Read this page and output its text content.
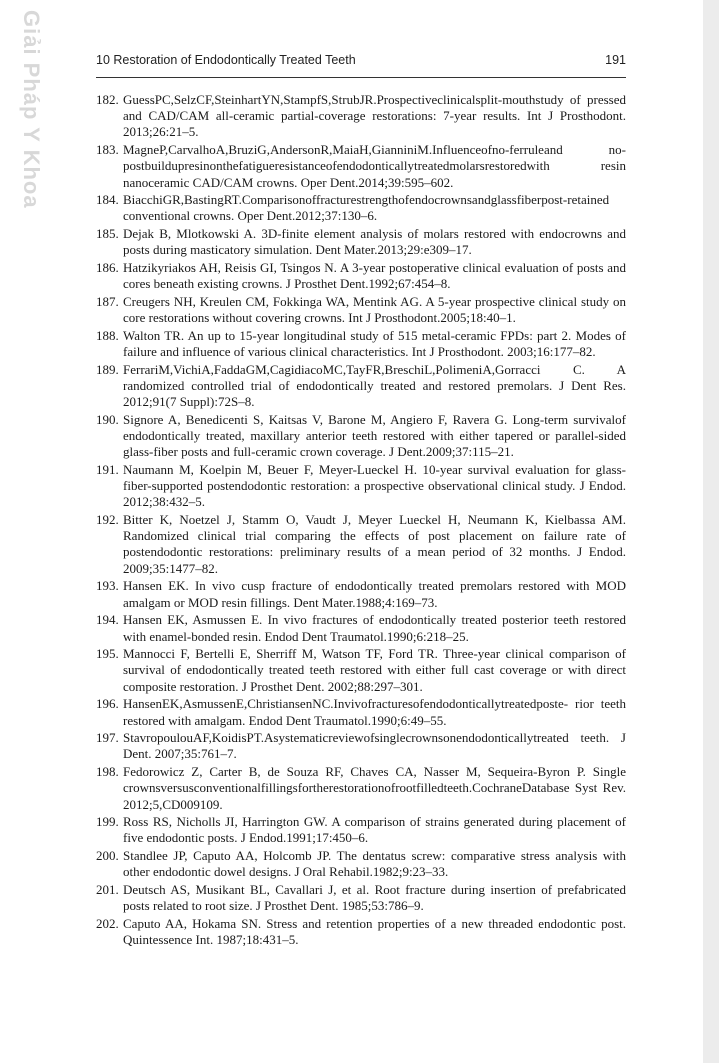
Giải Pháp Y Khoa	10 Restoration of Endodontically Treated Teeth	191
182. GuessPC,SelzCF,SteinhartYN,StampfS,StrubJR.Prospectiveclinicalsplit-mouthstudy of pressed and CAD/CAM all-ceramic partial-coverage restorations: 7-year results. Int J Prosthodont. 2013;26:21–5.
183. MagneP,CarvalhoA,BruziG,AndersonR,MaiaH,GianniniM.Influenceofno-ferruleand no-postbuildupresinonthefatigueresistanceofendodonticallytreatedmolarsrestoredwith resin nanoceramic CAD/CAM crowns. Oper Dent.2014;39:595–602.
184. BiacchiGR,BastingRT.Comparisonoffracturestrengthofendocrownsandglassfiberpost-retained conventional crowns. Oper Dent.2012;37:130–6.
185. Dejak B, Mlotkowski A. 3D-finite element analysis of molars restored with endocrowns and posts during masticatory simulation. Dent Mater.2013;29:e309–17.
186. Hatzikyriakos AH, Reisis GI, Tsingos N. A 3-year postoperative clinical evaluation of posts and cores beneath existing crowns. J Prosthet Dent.1992;67:454–8.
187. Creugers NH, Kreulen CM, Fokkinga WA, Mentink AG. A 5-year prospective clinical study on core restorations without covering crowns. Int J Prosthodont.2005;18:40–1.
188. Walton TR. An up to 15-year longitudinal study of 515 metal-ceramic FPDs: part 2. Modes of failure and influence of various clinical characteristics. Int J Prosthodont. 2003;16:177–82.
189. FerrariM,VichiA,FaddaGM,CagidiacoMC,TayFR,BreschiL,PolimeniA,Gorracci C. A randomized controlled trial of endodontically treated and restored premolars. J Dent Res. 2012;91(7 Suppl):72S–8.
190. Signore A, Benedicenti S, Kaitsas V, Barone M, Angiero F, Ravera G. Long-term survivalof endodontically treated, maxillary anterior teeth restored with either tapered or parallel-sided glass-fiber posts and full-ceramic crown coverage. J Dent.2009;37:115–21.
191. Naumann M, Koelpin M, Beuer F, Meyer-Lueckel H. 10-year survival evaluation for glass-fiber-supported postendodontic restoration: a prospective observational clinical study. J Endod. 2012;38:432–5.
192. Bitter K, Noetzel J, Stamm O, Vaudt J, Meyer Lueckel H, Neumann K, Kielbassa AM. Randomized clinical trial comparing the effects of post placement on failure rate of postendodontic restorations: preliminary results of a mean period of 32 months. J Endod. 2009;35:1477–82.
193. Hansen EK. In vivo cusp fracture of endodontically treated premolars restored with MOD amalgam or MOD resin fillings. Dent Mater.1988;4:169–73.
194. Hansen EK, Asmussen E. In vivo fractures of endodontically treated posterior teeth restored with enamel-bonded resin. Endod Dent Traumatol.1990;6:218–25.
195. Mannocci F, Bertelli E, Sherriff M, Watson TF, Ford TR. Three-year clinical comparison of survival of endodontically treated teeth restored with either full cast coverage or with direct composite restoration. J Prosthet Dent. 2002;88:297–301.
196. HansenEK,AsmussenE,ChristiansenNC.Invivofracturesofendodonticallytreatedposte- rior teeth restored with amalgam. Endod Dent Traumatol.1990;6:49–55.
197. StavropoulouAF,KoidisPT.Asystematicreviewofsinglecrownsonendodonticallytreated teeth. J Dent. 2007;35:761–7.
198. Fedorowicz Z, Carter B, de Souza RF, Chaves CA, Nasser M, Sequeira-Byron P. Single crownsversusconventionalfillingsfortherestorationofrootfilledteeth.CochraneDatabase Syst Rev. 2012;5,CD009109.
199. Ross RS, Nicholls JI, Harrington GW. A comparison of strains generated during placement of five endodontic posts. J Endod.1991;17:450–6.
200. Standlee JP, Caputo AA, Holcomb JP. The dentatus screw: comparative stress analysis with other endodontic dowel designs. J Oral Rehabil.1982;9:23–33.
201. Deutsch AS, Musikant BL, Cavallari J, et al. Root fracture during insertion of prefabricated posts related to root size. J Prosthet Dent. 1985;53:786–9.
202. Caputo AA, Hokama SN. Stress and retention properties of a new threaded endodontic post. Quintessence Int. 1987;18:431–5.
